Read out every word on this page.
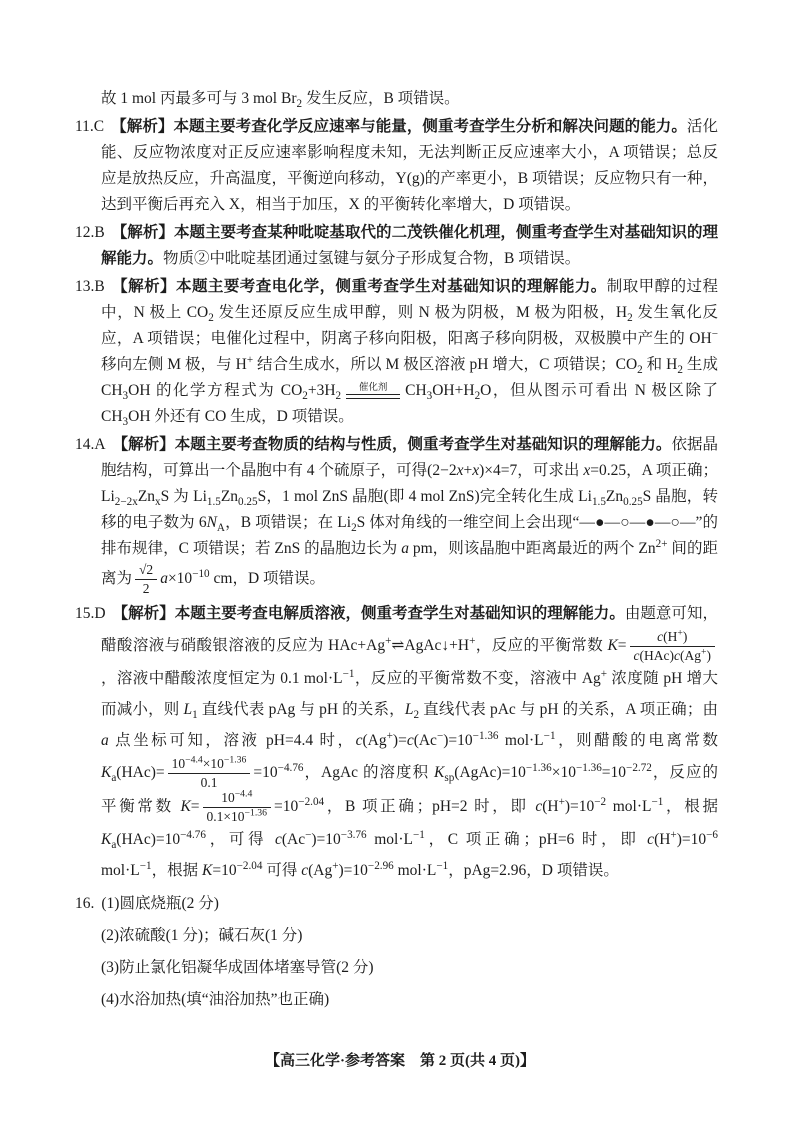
故 1 mol 丙最多可与 3 mol $Br_2$ 发生反应，B 项错误。

11.C 【解析】本题主要考查化学反应速率与能量，侧重考查学生分析和解决问题的能力。活化能、反应物浓度对正反应速率影响程度未知，无法判断正反应速率大小，A 项错误；总反应是放热反应，升高温度，平衡逆向移动，Y(g)的产率更小，B 项错误；反应物只有一种，达到平衡后再充入 X，相当于加压，X 的平衡转化率增大，D 项错误。

12.B 【解析】本题主要考查某种吡啶基取代的二茂铁催化机理，侧重考查学生对基础知识的理解能力。物质②中吡啶基团通过氢键与氨分子形成复合物，B 项错误。

13.B 【解析】本题主要考查电化学，侧重考查学生对基础知识的理解能力。制取甲醇的过程中，N 极上 $CO_2$ 发生还原反应生成甲醇，则 N 极为阴极，M 极为阳极，$H_2$ 发生氧化反应，A 项错误；电催化过程中，阴离子移向阳极，阳离子移向阴极，双极膜中产生的 OH− 移向左侧 M 极，与 H+ 结合生成水，所以 M 极区溶液 pH 增大，C 项错误；$CO_2$ 和 $H_2$ 生成 $CH_3OH$ 的化学方程式为 $CO_2+3H_2$
催化剂 $CH_3OH+H_2O$，但从图示可看出 N 极区除了 $CH_3OH$ 外还有 CO 生成，D 项错误。

14.A 【解析】本题主要考查物质的结构与性质，侧重考查学生对基础知识的理解能力。依据晶胞结构，可算出一个晶胞中有 4 个硫原子，可得(2−2x+x)×4=7，可求出 x=0.25，A 项正确；$Li_{2-2x}Zn_xS$ 为 $Li_{1.5}Zn_{0.25}S$，1 mol ZnS 晶胞(即 4 mol ZnS)完全转化生成 $Li_{1.5}Zn_{0.25}S$ 晶胞，转移的电子数为 $6N_A$，B 项错误；在 $Li_2S$ 体对角线的一维空间上会出现“—●—○—●—○—”的排布规律，C 项错误；若 ZnS 的晶胞边长为 a pm，则该晶胞中距离最近的两个 $Zn^{2+}$ 间的距离为 $\frac{√2}{2} a\times 10^{-10}$ cm，D 项错误。

15.D 【解析】本题主要考查电解质溶液，侧重考查学生对基础知识的理解能力。由题意可知，醋酸溶液与硝酸银溶液的反应为 HAc+Ag+⇌AgAc↓+H+，反应的平衡常数 $K= \frac{c(H^+)}{c(HAc)c(Ag^+)}$
，溶液中醋酸浓度恒定为 0.1 $mol\cdot L^{-1}$，反应的平衡常数不变，溶液中 Ag+ 浓度随 pH 增大而减小，则 $L_1$ 直线代表 pAg 与 pH 的关系，$L_2$ 直线代表 pAc 与 pH 的关系，A 项正确；由 a 点坐标可知，溶液 pH=4.4 时，$c(Ag^+)=c(Ac^-)=10^{-1.36}$ $mol\cdot L^{-1}$，则醋酸的电离常数 $K_a(HAc)= \frac{10^{-4.4}\times 10^{-1.36}}{0.1} =10^{-4.76}$，AgAc 的溶度积 $K_{sp}(AgAc)=10^{-1.36}\times 10^{-1.36}=10^{-2.72}$，反应的平衡常数 $K= \frac{10^{-4.4}}{0.1\times 10^{-1.36}} =10^{-2.04}$，B 项正确；pH=2 时，即 $c(H^+)=10^{-2}$ $mol\cdot L^{-1}$，根据 $K_a(HAc)=10^{-4.76}$，可得 $c(Ac^-)=10^{-3.76}$ $mol\cdot L^{-1}$，C 项正确；pH=6 时，即 $c(H^+)=10^{-6}$ $mol\cdot L^{-1}$，根据 $K=10^{-2.04}$ 可得 $c(Ag^+)=10^{-2.96}$ $mol\cdot L^{-1}$，pAg=2.96，D 项错误。

16. (1)圆底烧瓶(2 分)

(2)浓硫酸(1 分)；碱石灰(1 分)

(3)防止氯化铝凝华成固体堵塞导管(2 分)

(4)水浴加热(填“油浴加热”也正确)

【高三化学·参考答案　第 2 页(共 4 页)】
